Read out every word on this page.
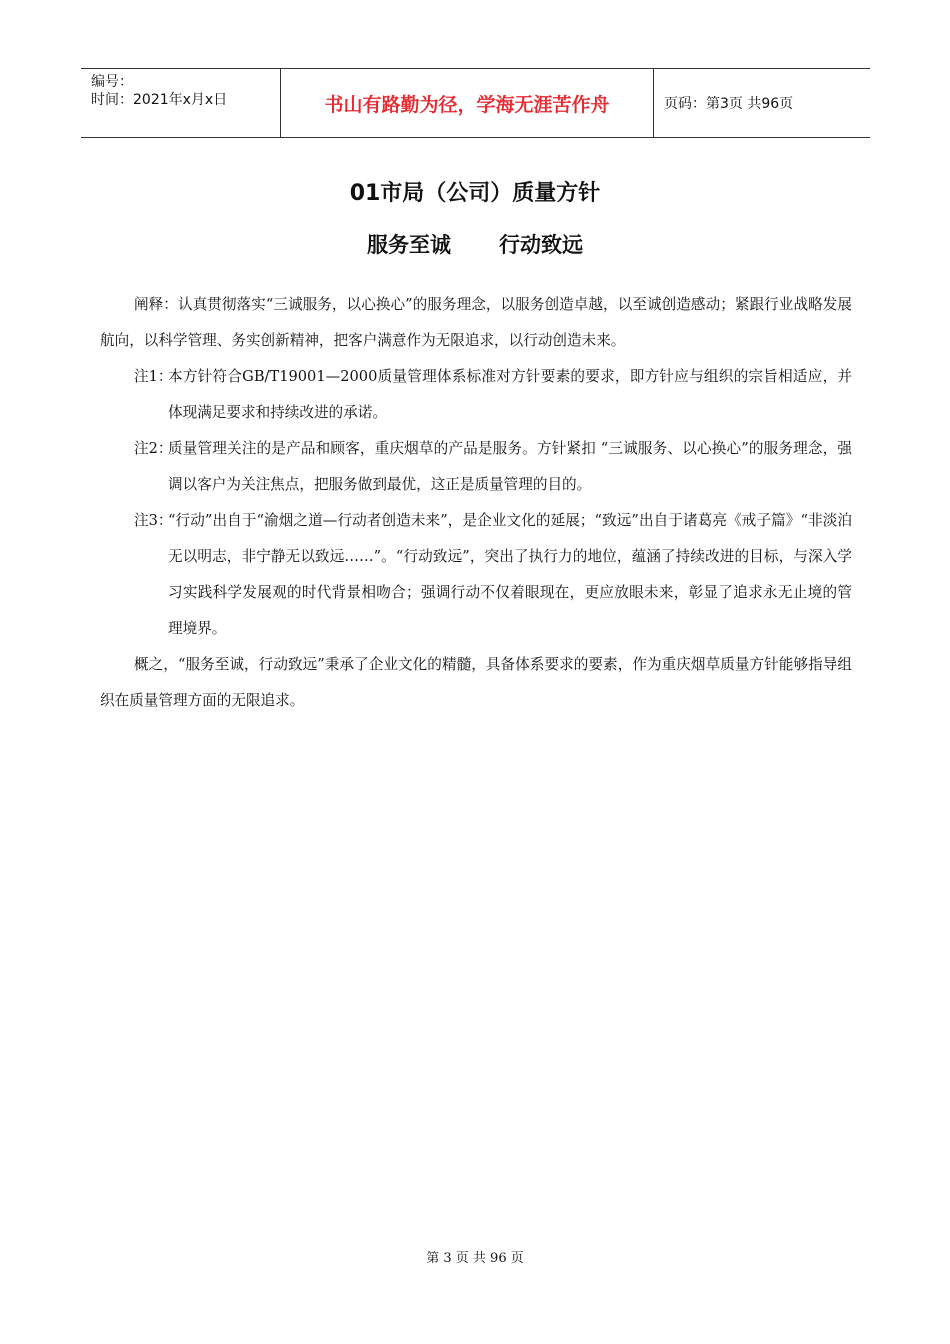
编号：
时间：2021年x月x日	书山有路勤为径，学海无涯苦作舟	页码：第3页 共96页
01市局（公司）质量方针
服务至诚 行动致远

阐释：认真贯彻落实“三诚服务，以心换心”的服务理念，以服务创造卓越，以至诚创造感动；紧跟行业战略发展航向，以科学管理、务实创新精神，把客户满意作为无限追求，以行动创造未来。

注1：
本方针符合GB/T19001—2000质量管理体系标准对方针要素的要求，即方针应与组织的宗旨相适应，并体现满足要求和持续改进的承诺。
注2：
质量管理关注的是产品和顾客，重庆烟草的产品是服务。方针紧扣 “三诚服务、以心换心”的服务理念，强调以客户为关注焦点，把服务做到最优，这正是质量管理的目的。
注3：
“行动”出自于“渝烟之道—行动者创造未来”，是企业文化的延展；“致远”出自于诸葛亮《戒子篇》“非淡泊无以明志，非宁静无以致远……”。“行动致远”，突出了执行力的地位，蕴涵了持续改进的目标，与深入学习实践科学发展观的时代背景相吻合；强调行动不仅着眼现在，更应放眼未来，彰显了追求永无止境的管理境界。

概之，“服务至诚，行动致远”秉承了企业文化的精髓，具备体系要求的要素，作为重庆烟草质量方针能够指导组织在质量管理方面的无限追求。

第 3 页 共 96 页
